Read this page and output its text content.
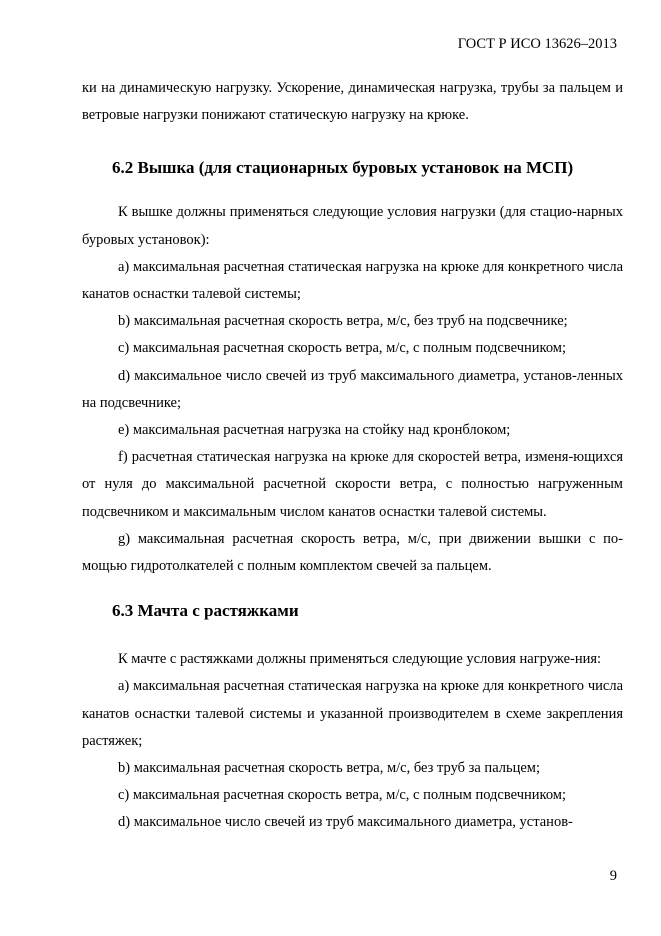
ГОСТ Р ИСО 13626–2013

ки на динамическую нагрузку. Ускорение, динамическая нагрузка, трубы за пальцем и ветровые нагрузки понижают статическую нагрузку на крюке.

6.2 Вышка (для стационарных буровых установок на МСП)

К вышке должны применяться следующие условия нагрузки (для стацио-нарных буровых установок):

а) максимальная расчетная статическая нагрузка на крюке для конкретного числа канатов оснастки талевой системы;

b) максимальная расчетная скорость ветра, м/с, без труб на подсвечнике;

c) максимальная расчетная скорость ветра, м/с, с полным подсвечником;

d) максимальное число свечей из труб максимального диаметра, установ-ленных на подсвечнике;

e) максимальная расчетная нагрузка на стойку над кронблоком;

f) расчетная статическая нагрузка на крюке для скоростей ветра, изменя-ющихся от нуля до максимальной расчетной скорости ветра, с полностью нагруженным подсвечником и максимальным числом канатов оснастки талевой системы.

g) максимальная расчетная скорость ветра, м/с, при движении вышки с по-мощью гидротолкателей с полным комплектом свечей за пальцем.

6.3 Мачта с растяжками

К мачте с растяжками должны применяться следующие условия нагруже-ния:

а) максимальная расчетная статическая нагрузка на крюке для конкретного числа канатов оснастки талевой системы и указанной производителем в схеме закрепления растяжек;

b) максимальная расчетная скорость ветра, м/с, без труб за пальцем;

c) максимальная расчетная скорость ветра, м/с, с полным подсвечником;

d) максимальное число свечей из труб максимального диаметра, установ-

9
